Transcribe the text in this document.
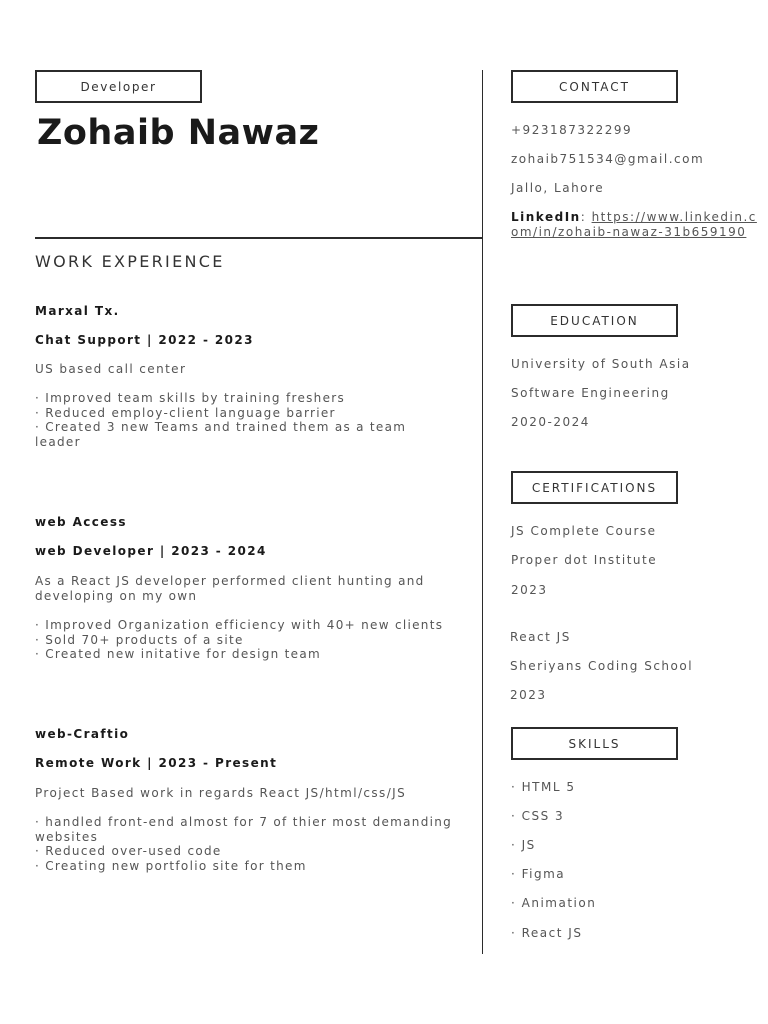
Developer
Zohaib Nawaz
WORK EXPERIENCE
Marxal Tx.
Chat Support | 2022 - 2023
US based call center
· Improved team skills by training freshers
· Reduced employ-client language barrier
· Created 3 new Teams and trained them as a team leader
web Access
web Developer | 2023 - 2024
As a React JS developer performed client hunting and developing on my own
· Improved Organization efficiency with 40+ new clients
· Sold 70+ products of a site
· Created new initative for design team
web-Craftio
Remote Work | 2023 - Present
Project Based work in regards React JS/html/css/JS
· handled front-end almost for 7 of thier most demanding websites
· Reduced over-used code
· Creating new portfolio site for them
CONTACT
+923187322299
zohaib751534@gmail.com
Jallo, Lahore
LinkedIn: https://www.linkedin.com/in/zohaib-nawaz-31b659190
EDUCATION
University of South Asia
Software Engineering
2020-2024
CERTIFICATIONS
JS Complete Course
Proper dot Institute
2023
React JS
Sheriyans Coding School
2023
SKILLS
· HTML 5
· CSS 3
· JS
· Figma
· Animation
· React JS
